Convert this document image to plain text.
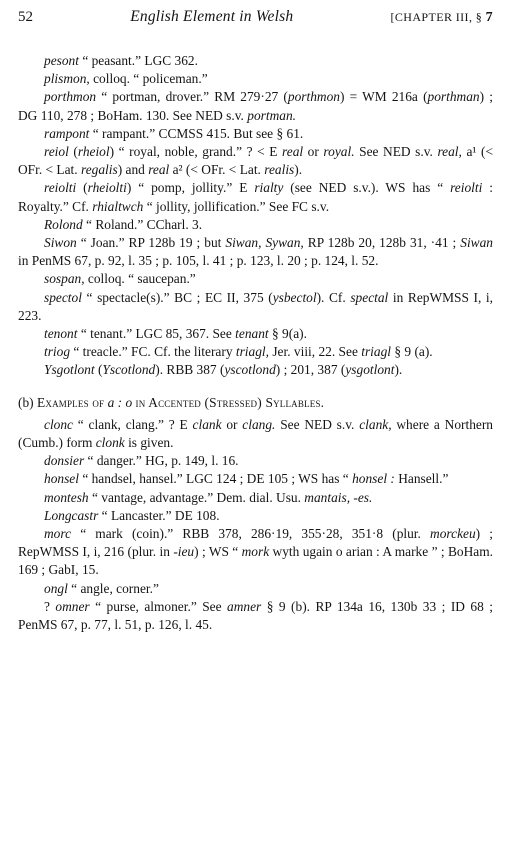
52	English Element in Welsh	[CHAPTER III, § 7

pesont “ peasant.” LGC 362.

plismon, colloq. “ policeman.”

porthmon “ portman, drover.” RM 279·27 (porthmon) = WM 216a (porthman) ; DG 110, 278 ; BoHam. 130. See NED s.v. portman.

rampont “ rampant.” CCMSS 415. But see § 61.

reiol (rheiol) “ royal, noble, grand.” ? < E real or royal. See NED s.v. real, a¹ (< OFr. < Lat. regalis) and real a² (< OFr. < Lat. realis).

reiolti (rheiolti) “ pomp, jollity.” E rialty (see NED s.v.). WS has “ reiolti : Royalty.” Cf. rhialtwch “ jollity, jollification.” See FC s.v.

Rolond “ Roland.” CCharl. 3.

Siwon “ Joan.” RP 128b 19 ; but Siwan, Sywan, RP 128b 20, 128b 31, ·41 ; Siwan in PenMS 67, p. 92, l. 35 ; p. 105, l. 41 ; p. 123, l. 20 ; p. 124, l. 52.

sospan, colloq. “ saucepan.”

spectol “ spectacle(s).” BC ; EC II, 375 (ysbectol). Cf. spectal in RepWMSS I, i, 223.

tenont “ tenant.” LGC 85, 367. See tenant § 9(a).

triog “ treacle.” FC. Cf. the literary triagl, Jer. viii, 22. See triagl § 9 (a).

Ysgotlont (Yscotlond). RBB 387 (yscotlond) ; 201, 387 (ysgotlont).

(b) Examples of a : o in Accented (Stressed) Syllables.

clonc “ clank, clang.” ? E clank or clang. See NED s.v. clank, where a Northern (Cumb.) form clonk is given.

donsier “ danger.” HG, p. 149, l. 16.

honsel “ handsel, hansel.” LGC 124 ; DE 105 ; WS has “ honsel : Hansell.”

montesh “ vantage, advantage.” Dem. dial. Usu. mantais, -es.

Longcastr “ Lancaster.” DE 108.

morc “ mark (coin).” RBB 378, 286·19, 355·28, 351·8 (plur. morckeu) ; RepWMSS I, i, 216 (plur. in -ieu) ; WS “ mork wyth ugain o arian : A marke ” ; BoHam. 169 ; GabI, 15.

ongl “ angle, corner.”

? omner “ purse, almoner.” See amner § 9 (b). RP 134a 16, 130b 33 ; ID 68 ; PenMS 67, p. 77, l. 51, p. 126, l. 45.
